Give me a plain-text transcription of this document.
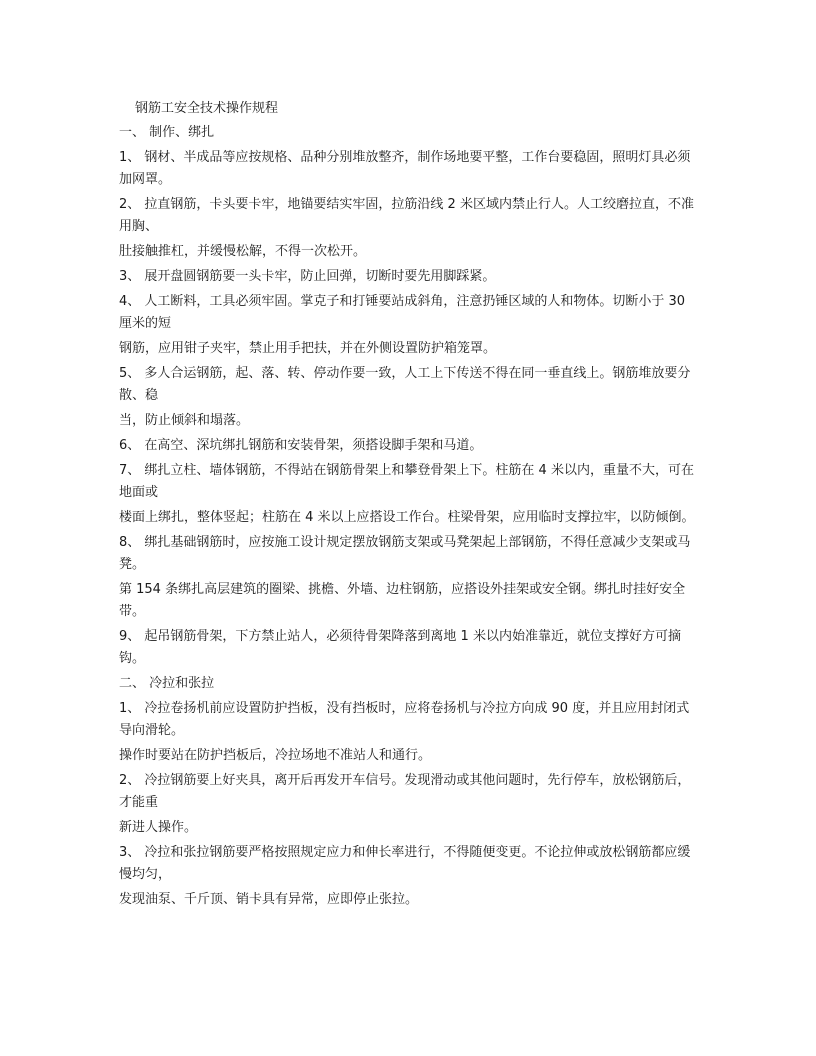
钢筋工安全技术操作规程
一、 制作、绑扎
1、 钢材、半成品等应按规格、品种分别堆放整齐，制作场地要平整，工作台要稳固，照明灯具必须加网罩。
2、 拉直钢筋，卡头要卡牢，地锚要结实牢固，拉筋沿线 2 米区域内禁止行人。人工绞磨拉直，不准用胸、
肚接触推杠，并缓慢松解，不得一次松开。
3、 展开盘圆钢筋要一头卡牢，防止回弹，切断时要先用脚踩紧。
4、 人工断料，工具必须牢固。掌克子和打锤要站成斜角，注意扔锤区域的人和物体。切断小于 30 厘米的短
钢筋，应用钳子夹牢，禁止用手把扶，并在外侧设置防护箱笼罩。
5、 多人合运钢筋，起、落、转、停动作要一致，人工上下传送不得在同一垂直线上。钢筋堆放要分散、稳
当，防止倾斜和塌落。
6、 在高空、深坑绑扎钢筋和安装骨架，须搭设脚手架和马道。
7、 绑扎立柱、墙体钢筋，不得站在钢筋骨架上和攀登骨架上下。柱筋在 4 米以内，重量不大，可在地面或
楼面上绑扎，整体竖起；柱筋在 4 米以上应搭设工作台。柱梁骨架，应用临时支撑拉牢，以防倾倒。
8、 绑扎基础钢筋时，应按施工设计规定摆放钢筋支架或马凳架起上部钢筋，不得任意减少支架或马凳。
第 154 条绑扎高层建筑的圈梁、挑檐、外墙、边柱钢筋，应搭设外挂架或安全钢。绑扎时挂好安全带。
9、 起吊钢筋骨架，下方禁止站人，必须待骨架降落到离地 1 米以内始准靠近，就位支撑好方可摘钩。
二、 冷拉和张拉
1、 冷拉卷扬机前应设置防护挡板，没有挡板时，应将卷扬机与冷拉方向成 90 度，并且应用封闭式导向滑轮。
操作时要站在防护挡板后，冷拉场地不准站人和通行。
2、 冷拉钢筋要上好夹具，离开后再发开车信号。发现滑动或其他问题时，先行停车，放松钢筋后，才能重
新进人操作。
3、 冷拉和张拉钢筋要严格按照规定应力和伸长率进行，不得随便变更。不论拉伸或放松钢筋都应缓慢均匀，
发现油泵、千斤顶、销卡具有异常，应即停止张拉。
